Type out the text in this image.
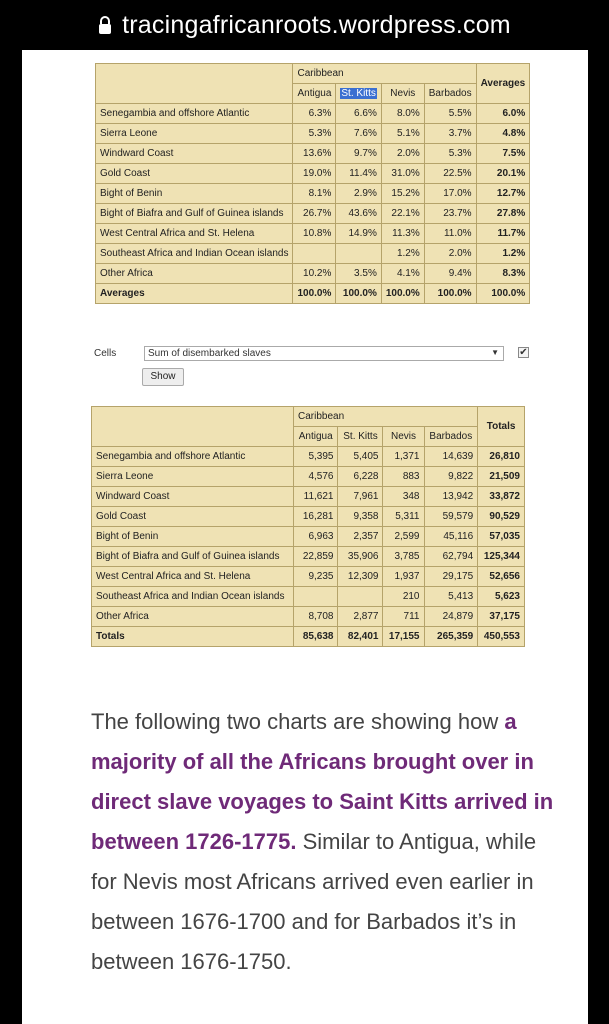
tracingafricanroots.wordpress.com
	Caribbean				Averages
	Antigua	St. Kitts	Nevis	Barbados	
Senegambia and offshore Atlantic	6.3%	6.6%	8.0%	5.5%	6.0%
Sierra Leone	5.3%	7.6%	5.1%	3.7%	4.8%
Windward Coast	13.6%	9.7%	2.0%	5.3%	7.5%
Gold Coast	19.0%	11.4%	31.0%	22.5%	20.1%
Bight of Benin	8.1%	2.9%	15.2%	17.0%	12.7%
Bight of Biafra and Gulf of Guinea islands	26.7%	43.6%	22.1%	23.7%	27.8%
West Central Africa and St. Helena	10.8%	14.9%	11.3%	11.0%	11.7%
Southeast Africa and Indian Ocean islands			1.2%	2.0%	1.2%
Other Africa	10.2%	3.5%	4.1%	9.4%	8.3%
Averages	100.0%	100.0%	100.0%	100.0%	100.0%
Cells	Sum of disembarked slaves	▼ ✔
Show
	Caribbean				Totals
	Antigua	St. Kitts	Nevis	Barbados	
Senegambia and offshore Atlantic	5,395	5,405	1,371	14,639	26,810
Sierra Leone	4,576	6,228	883	9,822	21,509
Windward Coast	11,621	7,961	348	13,942	33,872
Gold Coast	16,281	9,358	5,311	59,579	90,529
Bight of Benin	6,963	2,357	2,599	45,116	57,035
Bight of Biafra and Gulf of Guinea islands	22,859	35,906	3,785	62,794	125,344
West Central Africa and St. Helena	9,235	12,309	1,937	29,175	52,656
Southeast Africa and Indian Ocean islands			210	5,413	5,623
Other Africa	8,708	2,877	711	24,879	37,175
Totals	85,638	82,401	17,155	265,359	450,553

The following two charts are showing how a majority of all the Africans brought over in direct slave voyages to Saint Kitts arrived in between 1726-1775. Similar to Antigua, while for Nevis most Africans arrived even earlier in between 1676-1700 and for Barbados it’s in between 1676-1750.
